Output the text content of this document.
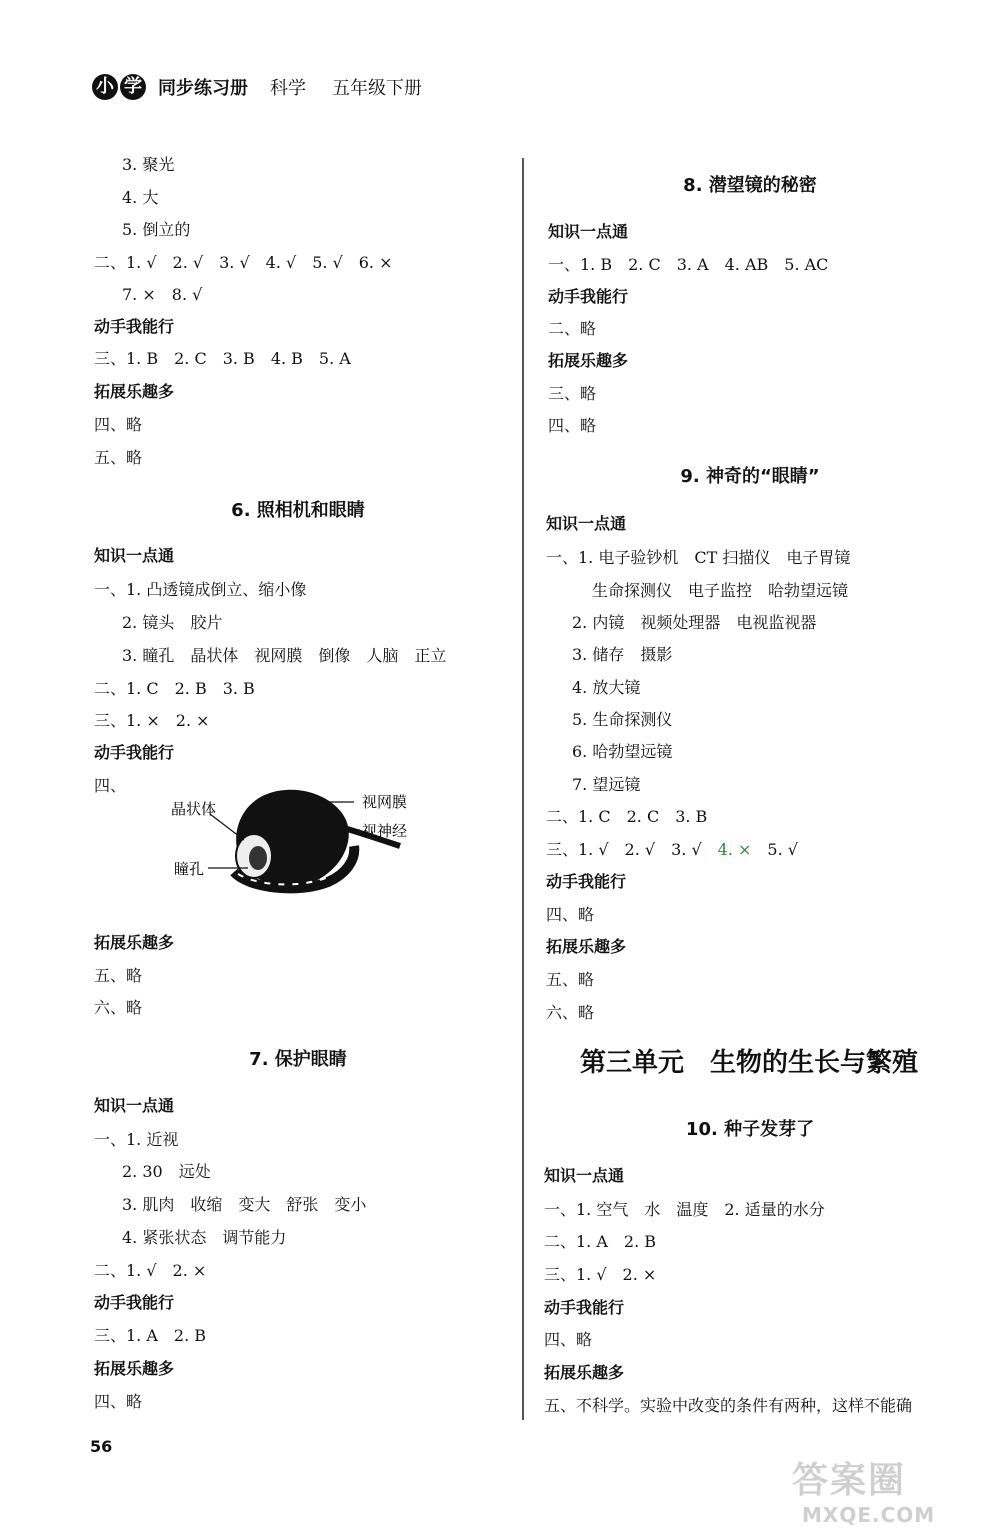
小 学 同步练习册 科学 五年级下册
3. 聚光
4. 大
5. 倒立的
二、1. √　2. √　3. √　4. √　5. √　6. ×
7. ×　8. √
动手我能行
三、1. B　2. C　3. B　4. B　5. A
拓展乐趣多
四、略
五、略
6. 照相机和眼睛
知识一点通
一、1. 凸透镜成倒立、缩小像
2. 镜头　胶片
3. 瞳孔　晶状体　视网膜　倒像　人脑　正立
二、1. C　2. B　3. B
三、1. ×　2. ×
动手我能行
四、
晶状体	视网膜
视神经
瞳孔
拓展乐趣多
五、略
六、略
7. 保护眼睛
知识一点通
一、1. 近视
2. 30　远处
3. 肌肉　收缩　变大　舒张　变小
4. 紧张状态　调节能力
二、1. √　2. ×
动手我能行
三、1. A　2. B
拓展乐趣多
四、略
8. 潜望镜的秘密
知识一点通
一、1. B　2. C　3. A　4. AB　5. AC
动手我能行
二、略
拓展乐趣多
三、略
四、略
9. 神奇的“眼睛”
知识一点通
一、1. 电子验钞机　CT 扫描仪　电子胃镜
生命探测仪　电子监控　哈勃望远镜
2. 内镜　视频处理器　电视监视器
3. 储存　摄影
4. 放大镜
5. 生命探测仪
6. 哈勃望远镜
7. 望远镜
二、1. C　2. C　3. B
三、1. √　2. √　3. √　4. ×　5. √
动手我能行
四、略
拓展乐趣多
五、略
六、略
第三单元　生物的生长与繁殖
10. 种子发芽了
知识一点通
一、1. 空气　水　温度　2. 适量的水分
二、1. A　2. B
三、1. √　2. ×
动手我能行
四、略
拓展乐趣多
五、不科学。实验中改变的条件有两种，这样不能确
56
答案圈
MXQE.COM
